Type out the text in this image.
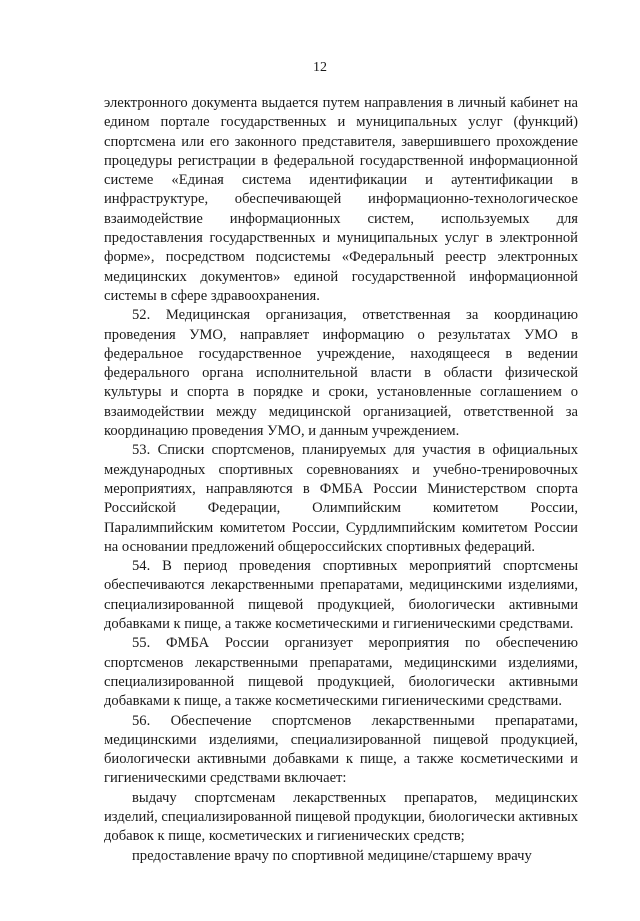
12

электронного документа выдается путем направления в личный кабинет на едином портале государственных и муниципальных услуг (функций) спортсмена или его законного представителя, завершившего прохождение процедуры регистрации в федеральной государственной информационной системе «Единая система идентификации и аутентификации в инфраструктуре, обеспечивающей информационно-технологическое взаимодействие информационных систем, используемых для предоставления государственных и муниципальных услуг в электронной форме», посредством подсистемы «Федеральный реестр электронных медицинских документов» единой государственной информационной системы в сфере здравоохранения.

52. Медицинская организация, ответственная за координацию проведения УМО, направляет информацию о результатах УМО в федеральное государственное учреждение, находящееся в ведении федерального органа исполнительной власти в области физической культуры и спорта в порядке и сроки, установленные соглашением о взаимодействии между медицинской организацией, ответственной за координацию проведения УМО, и данным учреждением.

53. Списки спортсменов, планируемых для участия в официальных международных спортивных соревнованиях и учебно-тренировочных мероприятиях, направляются в ФМБА России Министерством спорта Российской Федерации, Олимпийским комитетом России, Паралимпийским комитетом России, Сурдлимпийским комитетом России на основании предложений общероссийских спортивных федераций.

54. В период проведения спортивных мероприятий спортсмены обеспечиваются лекарственными препаратами, медицинскими изделиями, специализированной пищевой продукцией, биологически активными добавками к пище, а также косметическими и гигиеническими средствами.

55. ФМБА России организует мероприятия по обеспечению спортсменов лекарственными препаратами, медицинскими изделиями, специализированной пищевой продукцией, биологически активными добавками к пище, а также косметическими гигиеническими средствами.

56. Обеспечение спортсменов лекарственными препаратами, медицинскими изделиями, специализированной пищевой продукцией, биологически активными добавками к пище, а также косметическими и гигиеническими средствами включает:

выдачу спортсменам лекарственных препаратов, медицинских изделий, специализированной пищевой продукции, биологически активных добавок к пище, косметических и гигиенических средств;

предоставление врачу по спортивной медицине/старшему врачу
